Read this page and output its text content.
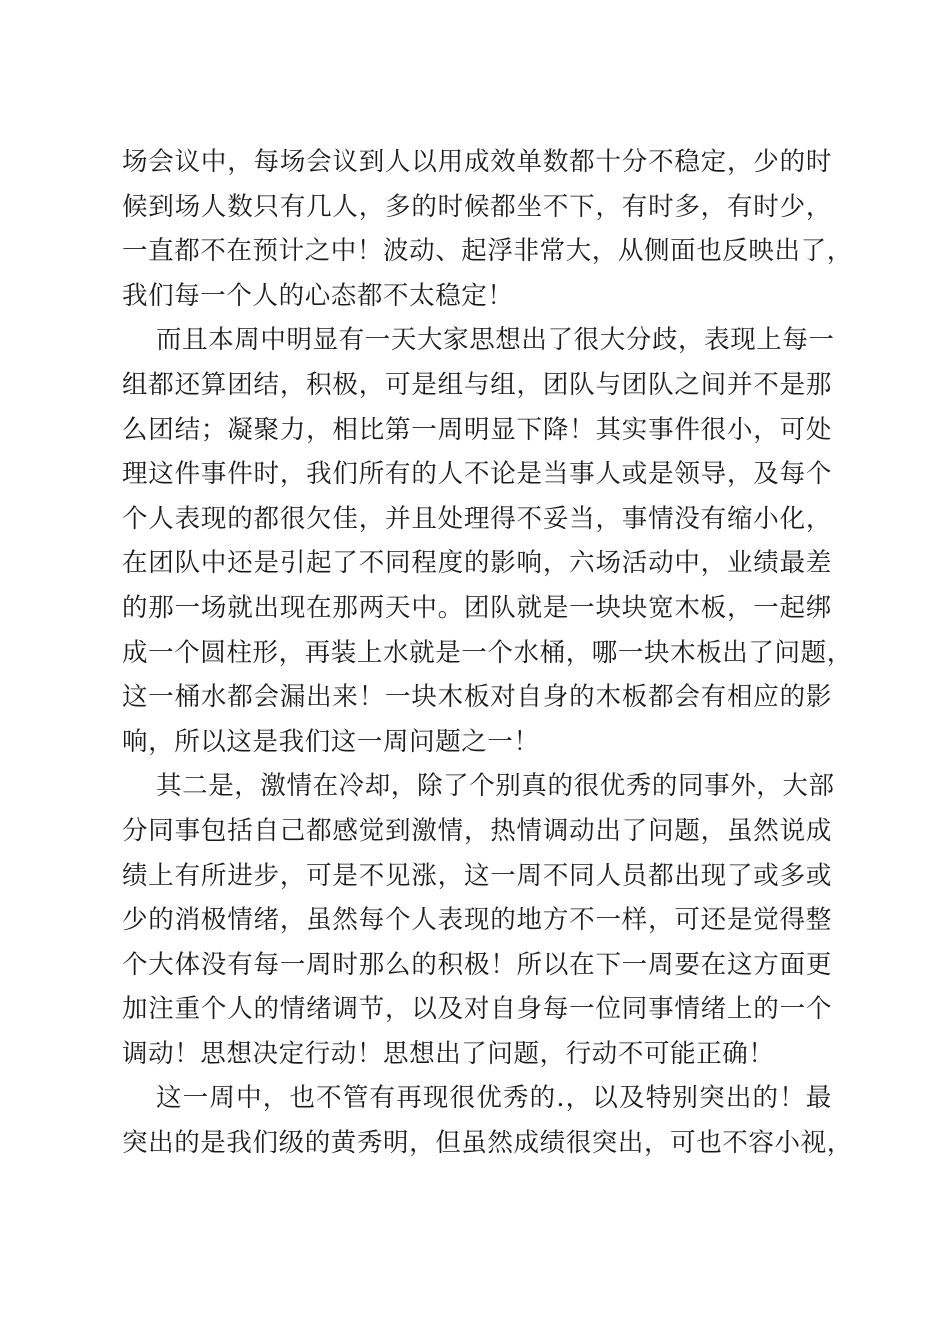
场会议中，每场会议到人以用成效单数都十分不稳定，少的时
候到场人数只有几人，多的时候都坐不下，有时多，有时少，
一直都不在预计之中！波动、起浮非常大，从侧面也反映出了，
我们每一个人的心态都不太稳定！
而且本周中明显有一天大家思想出了很大分歧，表现上每一
组都还算团结，积极，可是组与组，团队与团队之间并不是那
么团结；凝聚力，相比第一周明显下降！其实事件很小，可处
理这件事件时，我们所有的人不论是当事人或是领导，及每个
个人表现的都很欠佳，并且处理得不妥当，事情没有缩小化，
在团队中还是引起了不同程度的影响，六场活动中，业绩最差
的那一场就出现在那两天中。团队就是一块块宽木板，一起绑
成一个圆柱形，再装上水就是一个水桶，哪一块木板出了问题，
这一桶水都会漏出来！一块木板对自身的木板都会有相应的影
响，所以这是我们这一周问题之一！
其二是，激情在冷却，除了个别真的很优秀的同事外，大部
分同事包括自己都感觉到激情，热情调动出了问题，虽然说成
绩上有所进步，可是不见涨，这一周不同人员都出现了或多或
少的消极情绪，虽然每个人表现的地方不一样，可还是觉得整
个大体没有每一周时那么的积极！所以在下一周要在这方面更
加注重个人的情绪调节，以及对自身每一位同事情绪上的一个
调动！思想决定行动！思想出了问题，行动不可能正确！
这一周中，也不管有再现很优秀的.，以及特别突出的！最
突出的是我们级的黄秀明，但虽然成绩很突出，可也不容小视，
